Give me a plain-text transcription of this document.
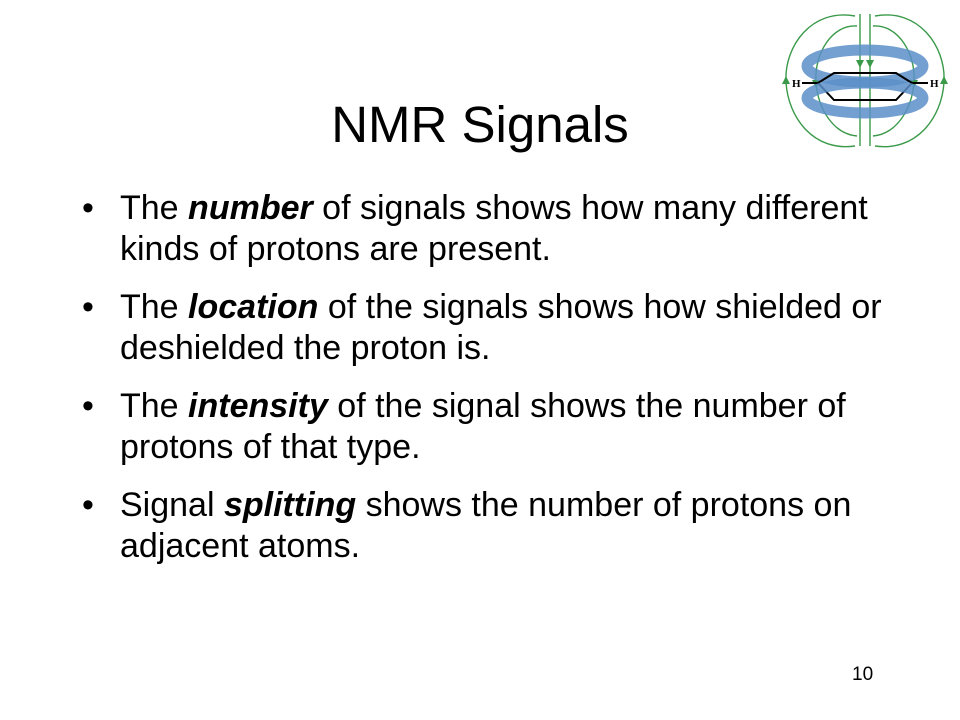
H	H
NMR Signals
• The number of signals shows how many different kinds of protons are present.
• The location of the signals shows how shielded or deshielded the proton is.
• The intensity of the signal shows the number of protons of that type.
• Signal splitting shows the number of protons on adjacent atoms.
10
